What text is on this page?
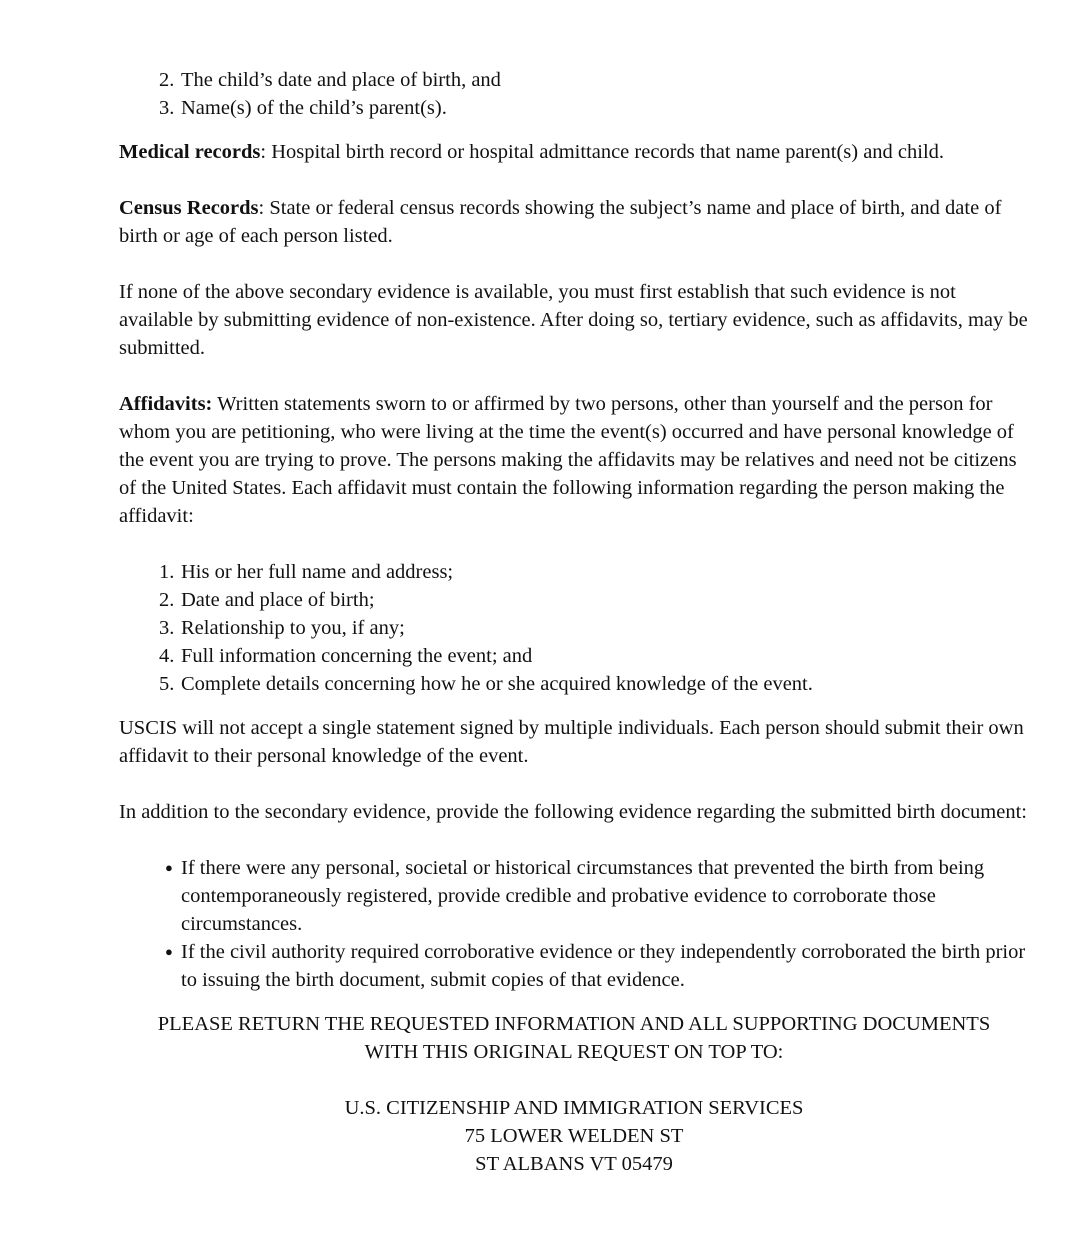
2. The child’s date and place of birth, and
3. Name(s) of the child’s parent(s).

Medical records: Hospital birth record or hospital admittance records that name parent(s) and child.

Census Records: State or federal census records showing the subject’s name and place of birth, and date of birth or age of each person listed.

If none of the above secondary evidence is available, you must first establish that such evidence is not available by submitting evidence of non-existence. After doing so, tertiary evidence, such as affidavits, may be submitted.

Affidavits: Written statements sworn to or affirmed by two persons, other than yourself and the person for whom you are petitioning, who were living at the time the event(s) occurred and have personal knowledge of the event you are trying to prove. The persons making the affidavits may be relatives and need not be citizens of the United States. Each affidavit must contain the following information regarding the person making the affidavit:

1. His or her full name and address;
2. Date and place of birth;
3. Relationship to you, if any;
4. Full information concerning the event; and
5. Complete details concerning how he or she acquired knowledge of the event.

USCIS will not accept a single statement signed by multiple individuals. Each person should submit their own affidavit to their personal knowledge of the event.

In addition to the secondary evidence, provide the following evidence regarding the submitted birth document:

● If there were any personal, societal or historical circumstances that prevented the birth from being contemporaneously registered, provide credible and probative evidence to corroborate those circumstances.
● If the civil authority required corroborative evidence or they independently corroborated the birth prior to issuing the birth document, submit copies of that evidence.

PLEASE RETURN THE REQUESTED INFORMATION AND ALL SUPPORTING DOCUMENTS

WITH THIS ORIGINAL REQUEST ON TOP TO:

U.S. CITIZENSHIP AND IMMIGRATION SERVICES

75 LOWER WELDEN ST

ST ALBANS VT 05479
